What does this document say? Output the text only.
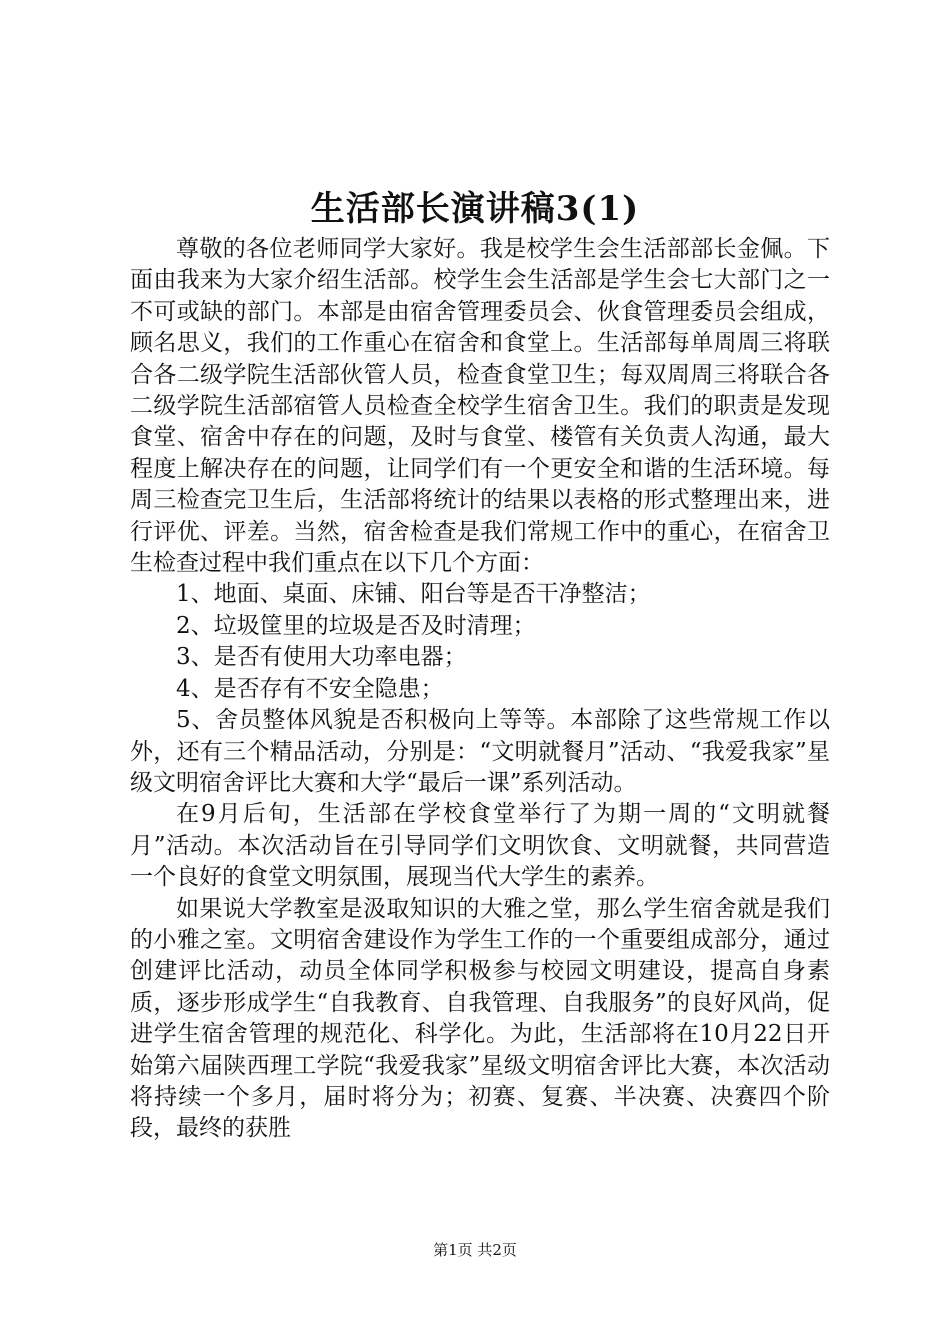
生活部长演讲稿3(1)

尊敬的各位老师同学大家好。我是校学生会生活部部长金佩。下面由我来为大家介绍生活部。校学生会生活部是学生会七大部门之一不可或缺的部门。本部是由宿舍管理委员会、伙食管理委员会组成，顾名思义，我们的工作重心在宿舍和食堂上。生活部每单周周三将联合各二级学院生活部伙管人员，检查食堂卫生；每双周周三将联合各二级学院生活部宿管人员检查全校学生宿舍卫生。我们的职责是发现食堂、宿舍中存在的问题，及时与食堂、楼管有关负责人沟通，最大程度上解决存在的问题，让同学们有一个更安全和谐的生活环境。每周三检查完卫生后，生活部将统计的结果以表格的形式整理出来，进行评优、评差。当然，宿舍检查是我们常规工作中的重心，在宿舍卫生检查过程中我们重点在以下几个方面：

1、地面、桌面、床铺、阳台等是否干净整洁；

2、垃圾筐里的垃圾是否及时清理；

3、是否有使用大功率电器；

4、是否存有不安全隐患；

5、舍员整体风貌是否积极向上等等。本部除了这些常规工作以外，还有三个精品活动，分别是：“文明就餐月”活动、“我爱我家”星级文明宿舍评比大赛和大学“最后一课”系列活动。

在9月后旬，生活部在学校食堂举行了为期一周的“文明就餐月”活动。本次活动旨在引导同学们文明饮食、文明就餐，共同营造一个良好的食堂文明氛围，展现当代大学生的素养。

如果说大学教室是汲取知识的大雅之堂，那么学生宿舍就是我们的小雅之室。文明宿舍建设作为学生工作的一个重要组成部分，通过创建评比活动，动员全体同学积极参与校园文明建设，提高自身素质，逐步形成学生“自我教育、自我管理、自我服务”的良好风尚，促进学生宿舍管理的规范化、科学化。为此，生活部将在10月22日开始第六届陕西理工学院“我爱我家”星级文明宿舍评比大赛，本次活动将持续一个多月，届时将分为；初赛、复赛、半决赛、决赛四个阶段，最终的获胜

第1页 共2页
